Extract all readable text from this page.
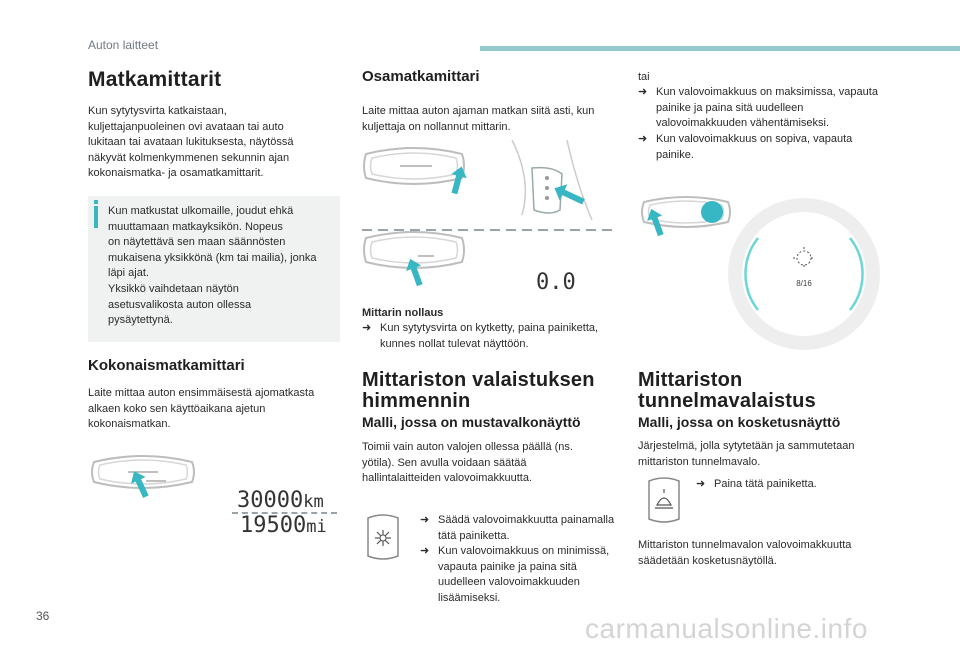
Auton laitteet
Matkamittarit
Kun sytytysvirta katkaistaan, kuljettajanpuoleinen ovi avataan tai auto lukitaan tai avataan lukituksesta, näytössä näkyvät kolmenkymmenen sekunnin ajan kokonaismatka- ja osamatkamittarit.
Kun matkustat ulkomaille, joudut ehkä
muuttamaan matkayksikön. Nopeus
on näytettävä sen maan säännösten
mukaisena yksikkönä (km tai mailia), jonka
läpi ajat.
Yksikkö vaihdetaan näytön
asetusvalikosta auton ollessa
pysäytettynä.
Kokonaismatkamittari
Laite mittaa auton ensimmäisestä ajomatkasta alkaen koko sen käyttöaikana ajetun kokonaismatkan.
30000km
19500mi
Osamatkamittari
Laite mittaa auton ajaman matkan siitä asti, kun kuljettaja on nollannut mittarin.
0.0
Mittarin nollaus
➜ Kun sytytysvirta on kytketty, paina painiketta, kunnes nollat tulevat näyttöön.
Mittariston valaistuksen himmennin
Malli, jossa on mustavalkonäyttö
Toimii vain auton valojen ollessa päällä (ns. yötila). Sen avulla voidaan säätää hallintalaitteiden valovoimakkuutta.
➜ Säädä valovoimakkuutta painamalla tätä painiketta.
➜ Kun valovoimakkuus on minimissä, vapauta painike ja paina sitä uudelleen valovoimakkuuden lisäämiseksi.
tai
➜ Kun valovoimakkuus on maksimissa, vapauta painike ja paina sitä uudelleen valovoimakkuuden vähentämiseksi.
➜ Kun valovoimakkuus on sopiva, vapauta painike.
8/16
Mittariston tunnelmavalaistus
Malli, jossa on kosketusnäyttö
Järjestelmä, jolla sytytetään ja sammutetaan mittariston tunnelmavalo.
➜ Paina tätä painiketta.
Mittariston tunnelmavalon valovoimakkuutta säädetään kosketusnäytöllä.
36	carmanualsonline.info
